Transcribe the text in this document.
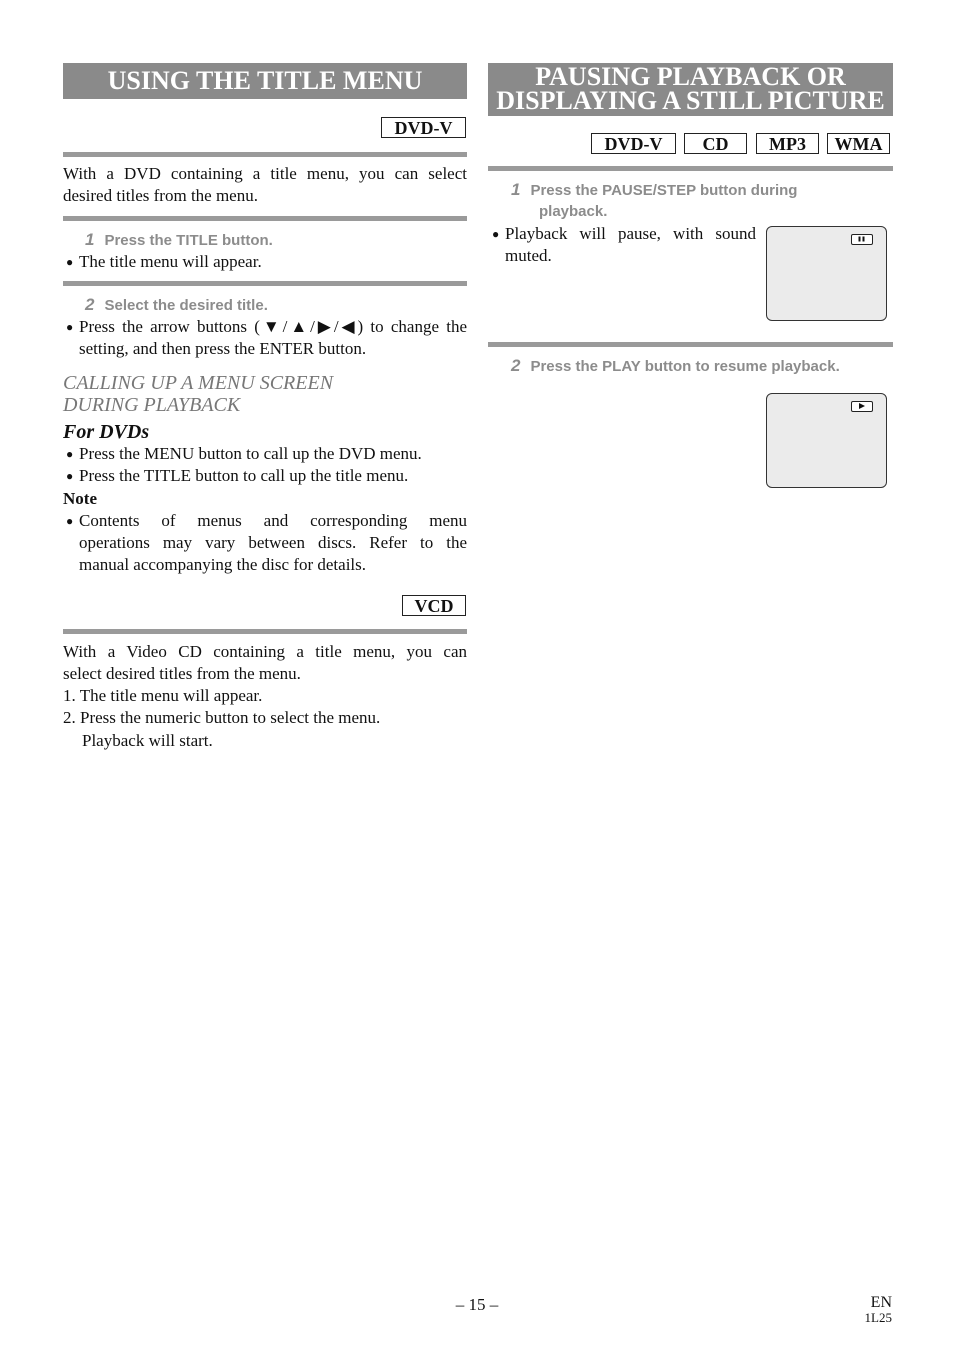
USING THE TITLE MENU
DVD-V
With a DVD containing a title menu, you can select
desired titles from the menu.
1 Press the TITLE button.
● The title menu will appear.
2 Select the desired title.
● Press the arrow buttons (▼/▲/▶/◀) to change the
setting, and then press the ENTER button.
CALLING UP A MENU SCREEN
DURING PLAYBACK
For DVDs
● Press the MENU button to call up the DVD menu.
● Press the TITLE button to call up the title menu.
Note
● Contents of menus and corresponding menu
operations may vary between discs. Refer to the
manual accompanying the disc for details.
VCD
With a Video CD containing a title menu, you can
select desired titles from the menu.
1. The title menu will appear.
2. Press the numeric button to select the menu.
Playback will start.
PAUSING PLAYBACK OR
DISPLAYING A STILL PICTURE
DVD-V	CD	MP3	WMA
1 Press the PAUSE/STEP button during
playback.
● Playback will pause, with sound
muted.
2 Press the PLAY button to resume playback.
– 15 –	EN
1L25
